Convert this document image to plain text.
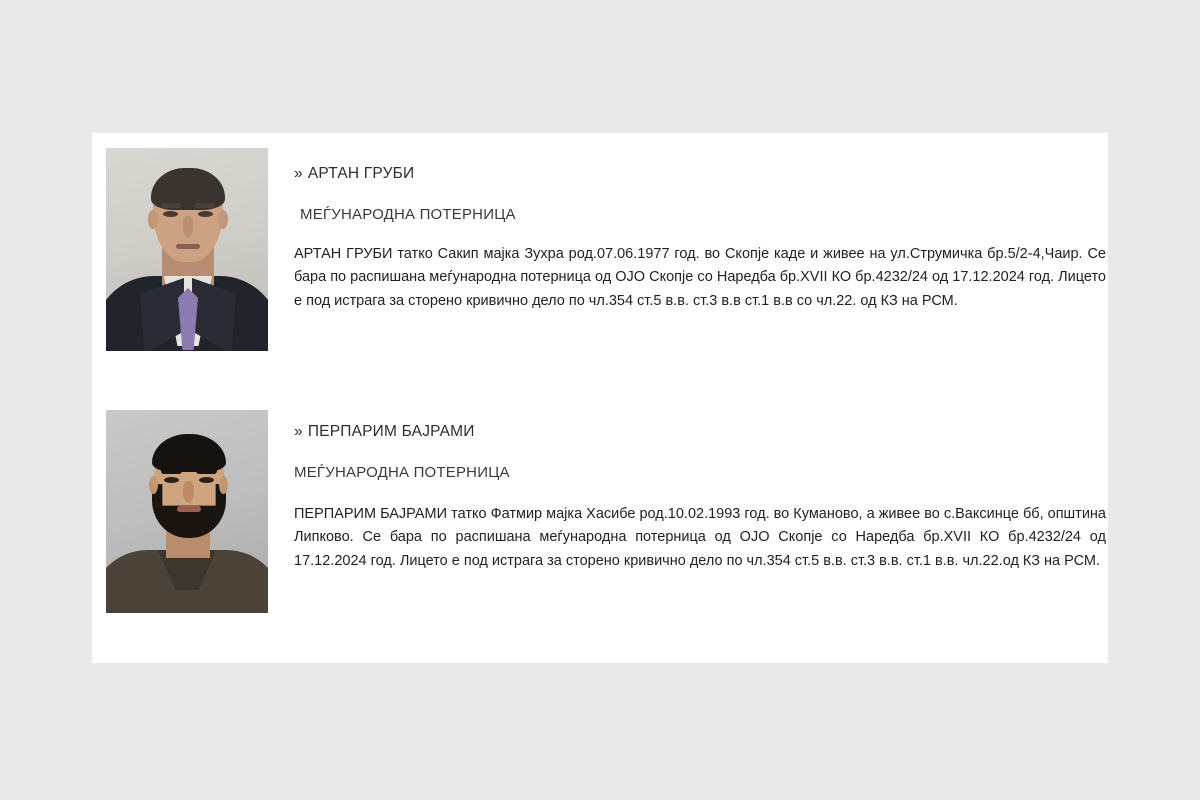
» АРТАН ГРУБИ
МЕЃУНАРОДНА ПОТЕРНИЦА
АРТАН ГРУБИ татко Сакип мајка Зухра род.07.06.1977 год. во Скопје каде и живее на ул.Струмичка бр.5/2-4,Чаир. Се бара по распишана меѓународна потерница од ОЈО Скопје со Наредба бр.XVII КО бр.4232/24 од 17.12.2024 год. Лицето е под истрага за сторено кривично дело по чл.354 ст.5 в.в. ст.3 в.в ст.1 в.в со чл.22. од КЗ на РСМ.
» ПЕРПАРИМ БАЈРАМИ
МЕЃУНАРОДНА ПОТЕРНИЦА
ПЕРПАРИМ БАЈРАМИ татко Фатмир мајка Хасибе род.10.02.1993 год. во Куманово, а живее во с.Ваксинце бб, општина Липково. Се бара по распишана меѓународна потерница од ОЈО Скопје со Наредба бр.XVII КО бр.4232/24 од 17.12.2024 год. Лицето е под истрага за сторено кривично дело по чл.354 ст.5 в.в. ст.3 в.в. ст.1 в.в. чл.22.од КЗ на РСМ.
